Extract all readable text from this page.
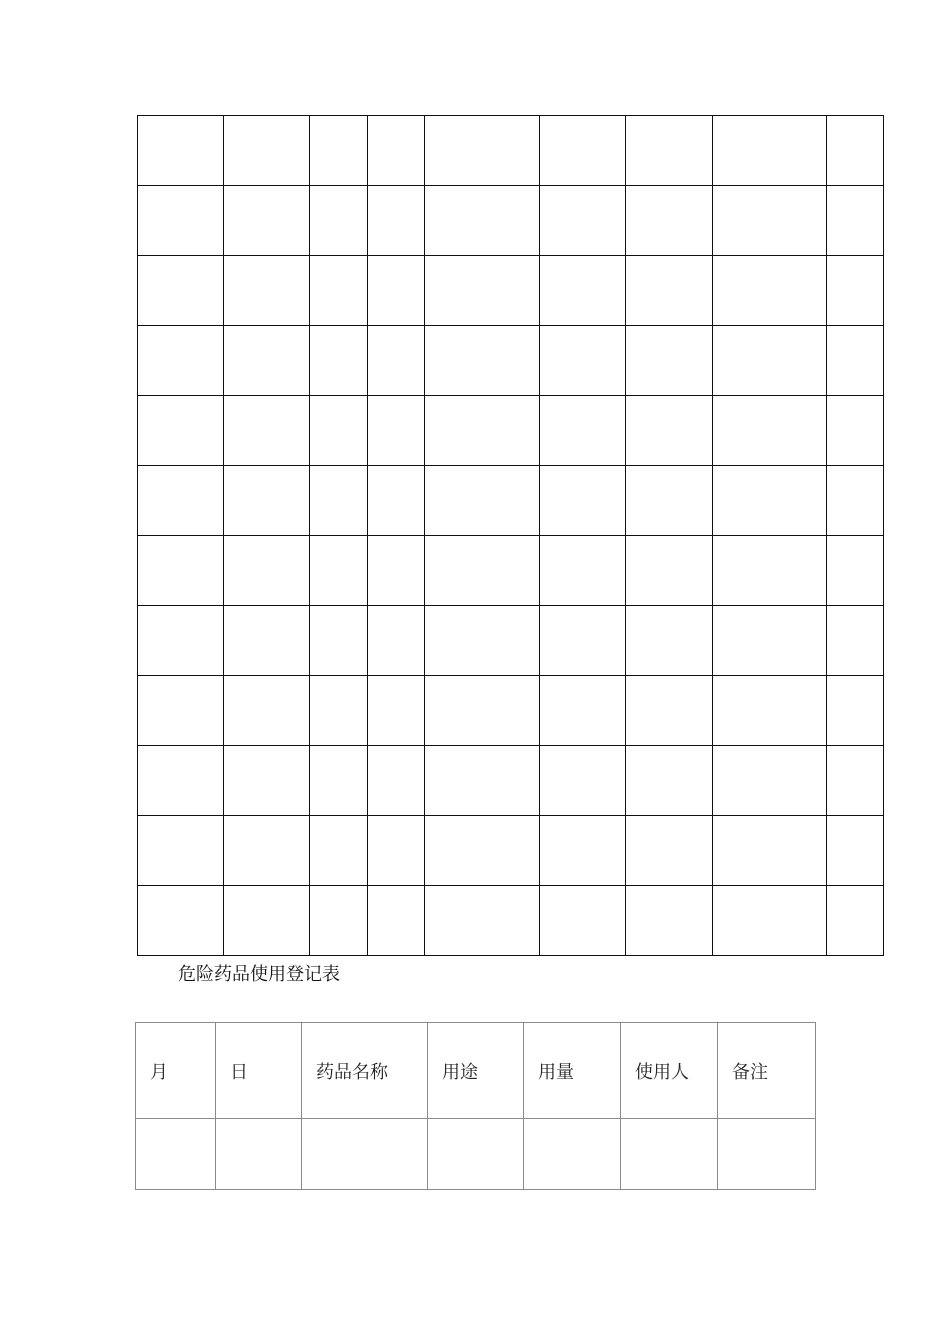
危险药品使用登记表
月	日	药品名称	用途	用量	使用人	备注
